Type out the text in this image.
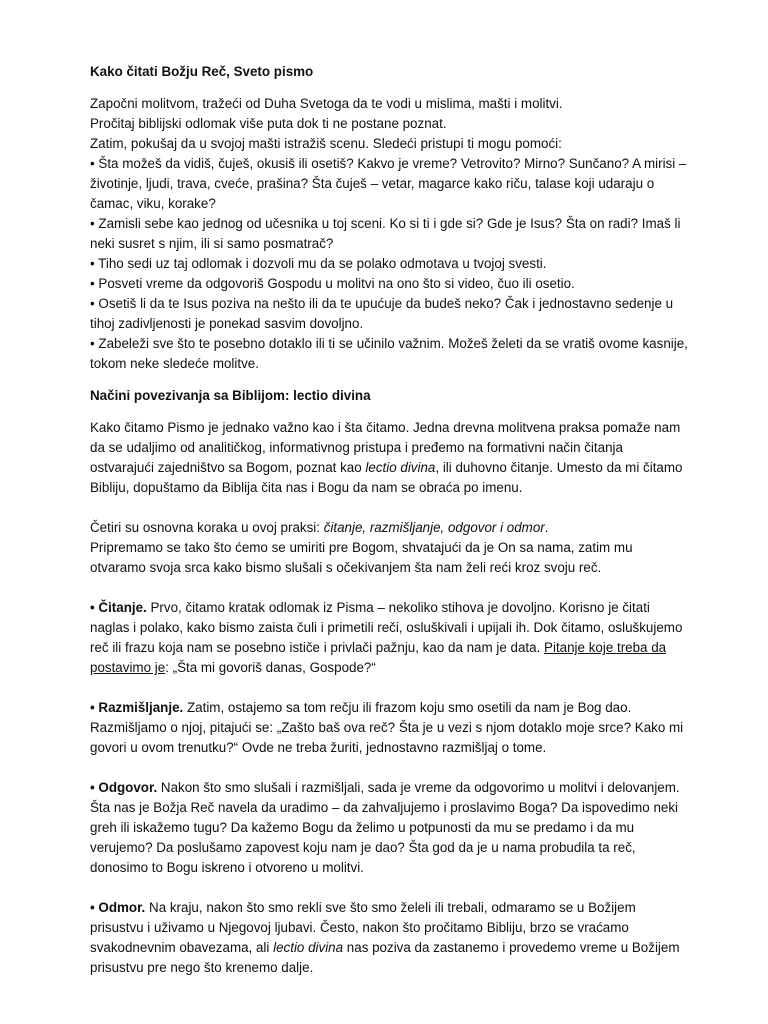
Kako čitati Božju Reč, Sveto pismo

Započni molitvom, tražeći od Duha Svetoga da te vodi u mislima, mašti i molitvi.

Pročitaj biblijski odlomak više puta dok ti ne postane poznat.

Zatim, pokušaj da u svojoj mašti istražiš scenu. Sledeći pristupi ti mogu pomoći:

• Šta možeš da vidiš, čuješ, okusiš ili osetiš? Kakvo je vreme? Vetrovito? Mirno? Sunčano? A mirisi – životinje, ljudi, trava, cveće, prašina? Šta čuješ – vetar, magarce kako riču, talase koji udaraju o čamac, viku, korake?

• Zamisli sebe kao jednog od učesnika u toj sceni. Ko si ti i gde si? Gde je Isus? Šta on radi? Imaš li neki susret s njim, ili si samo posmatrač?

• Tiho sedi uz taj odlomak i dozvoli mu da se polako odmotava u tvojoj svesti.

• Posveti vreme da odgovoriš Gospodu u molitvi na ono što si video, čuo ili osetio.

• Osetiš li da te Isus poziva na nešto ili da te upućuje da budeš neko? Čak i jednostavno sedenje u tihoj zadivljenosti je ponekad sasvim dovoljno.

• Zabeleži sve što te posebno dotaklo ili ti se učinilo važnim. Možeš želeti da se vratiš ovome kasnije, tokom neke sledeće molitve.

Načini povezivanja sa Biblijom: lectio divina

Kako čitamo Pismo je jednako važno kao i šta čitamo. Jedna drevna molitvena praksa pomaže nam da se udaljimo od analitičkog, informativnog pristupa i pređemo na formativni način čitanja ostvarajući zajedništvo sa Bogom, poznat kao lectio divina, ili duhovno čitanje. Umesto da mi čitamo Bibliju, dopuštamo da Biblija čita nas i Bogu da nam se obraća po imenu.

Četiri su osnovna koraka u ovoj praksi: čitanje, razmišljanje, odgovor i odmor.

Pripremamo se tako što ćemo se umiriti pre Bogom, shvatajući da je On sa nama, zatim mu otvaramo svoja srca kako bismo slušali s očekivanjem šta nam želi reći kroz svoju reč.

• Čitanje. Prvo, čitamo kratak odlomak iz Pisma – nekoliko stihova je dovoljno. Korisno je čitati naglas i polako, kako bismo zaista čuli i primetili reči, osluškivali i upijali ih. Dok čitamo, osluškujemo reč ili frazu koja nam se posebno ističe i privlači pažnju, kao da nam je data. Pitanje koje treba da postavimo je: „Šta mi govoriš danas, Gospode?“

• Razmišljanje. Zatim, ostajemo sa tom rečju ili frazom koju smo osetili da nam je Bog dao. Razmišljamo o njoj, pitajući se: „Zašto baš ova reč? Šta je u vezi s njom dotaklo moje srce? Kako mi govori u ovom trenutku?“ Ovde ne treba žuriti, jednostavno razmišljaj o tome.

• Odgovor. Nakon što smo slušali i razmišljali, sada je vreme da odgovorimo u molitvi i delovanjem. Šta nas je Božja Reč navela da uradimo – da zahvaljujemo i proslavimo Boga? Da ispovedimo neki greh ili iskažemo tugu? Da kažemo Bogu da želimo u potpunosti da mu se predamo i da mu verujemo? Da poslušamo zapovest koju nam je dao? Šta god da je u nama probudila ta reč, donosimo to Bogu iskreno i otvoreno u molitvi.

• Odmor. Na kraju, nakon što smo rekli sve što smo želeli ili trebali, odmaramo se u Božijem prisustvu i uživamo u Njegovoj ljubavi. Često, nakon što pročitamo Bibliju, brzo se vraćamo svakodnevnim obavezama, ali lectio divina nas poziva da zastanemo i provedemo vreme u Božijem prisustvu pre nego što krenemo dalje.
